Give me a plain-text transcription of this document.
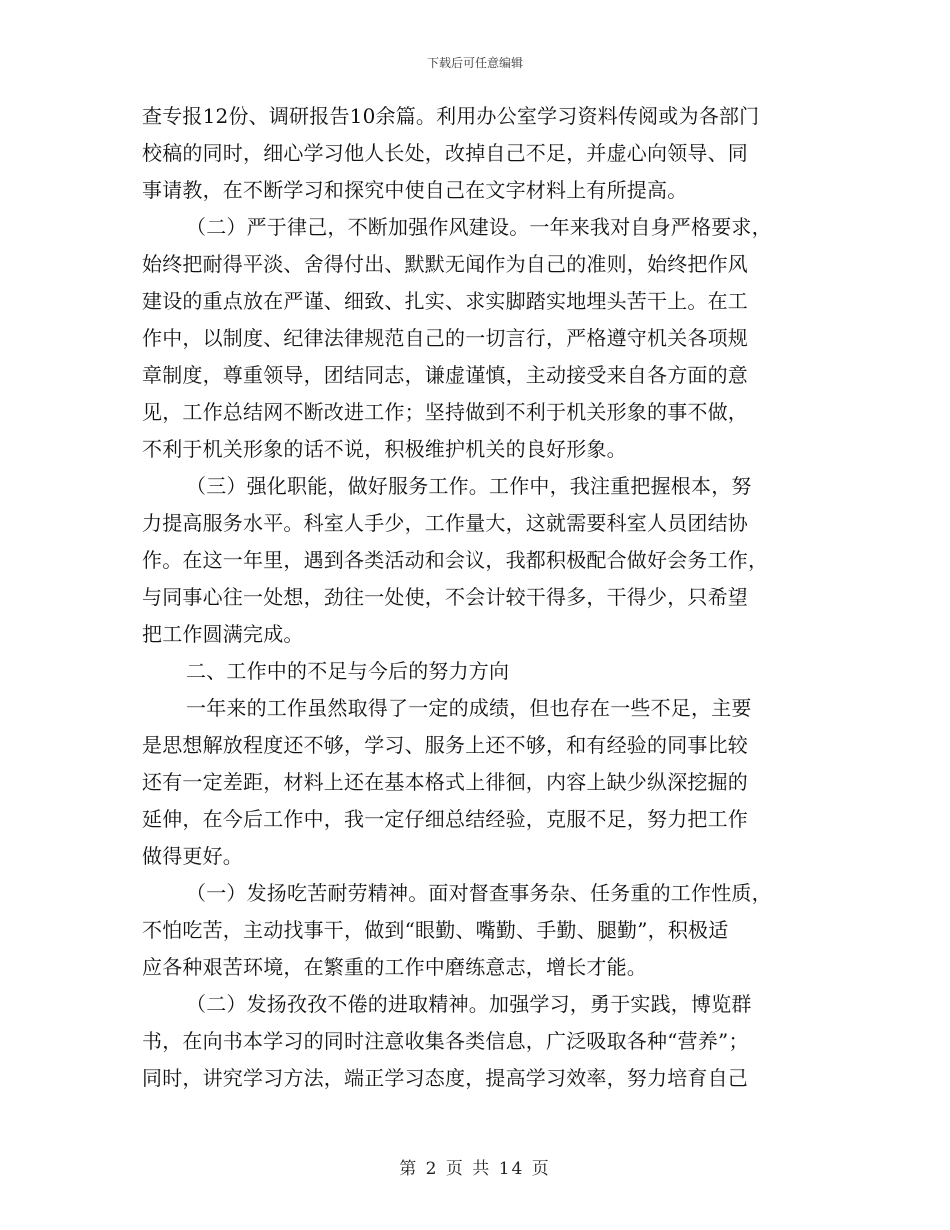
下载后可任意编辑
查专报12份、调研报告10余篇。利用办公室学习资料传阅或为各部门
校稿的同时，细心学习他人长处，改掉自己不足，并虚心向领导、同
事请教，在不断学习和探究中使自己在文字材料上有所提高。
（二）严于律己，不断加强作风建设。一年来我对自身严格要求，
始终把耐得平淡、舍得付出、默默无闻作为自己的准则，始终把作风
建设的重点放在严谨、细致、扎实、求实脚踏实地埋头苦干上。在工
作中，以制度、纪律法律规范自己的一切言行，严格遵守机关各项规
章制度，尊重领导，团结同志，谦虚谨慎，主动接受来自各方面的意
见，工作总结网不断改进工作；坚持做到不利于机关形象的事不做，
不利于机关形象的话不说，积极维护机关的良好形象。
（三）强化职能，做好服务工作。工作中，我注重把握根本，努
力提高服务水平。科室人手少，工作量大，这就需要科室人员团结协
作。在这一年里，遇到各类活动和会议，我都积极配合做好会务工作，
与同事心往一处想，劲往一处使，不会计较干得多，干得少，只希望
把工作圆满完成。
二、工作中的不足与今后的努力方向
一年来的工作虽然取得了一定的成绩，但也存在一些不足，主要
是思想解放程度还不够，学习、服务上还不够，和有经验的同事比较
还有一定差距，材料上还在基本格式上徘徊，内容上缺少纵深挖掘的
延伸，在今后工作中，我一定仔细总结经验，克服不足，努力把工作
做得更好。
（一）发扬吃苦耐劳精神。面对督查事务杂、任务重的工作性质，
不怕吃苦，主动找事干，做到“眼勤、嘴勤、手勤、腿勤”，积极适
应各种艰苦环境，在繁重的工作中磨练意志，增长才能。
（二）发扬孜孜不倦的进取精神。加强学习，勇于实践，博览群
书，在向书本学习的同时注意收集各类信息，广泛吸取各种“营养”；
同时，讲究学习方法，端正学习态度，提高学习效率，努力培育自己
第 2 页 共 14 页
